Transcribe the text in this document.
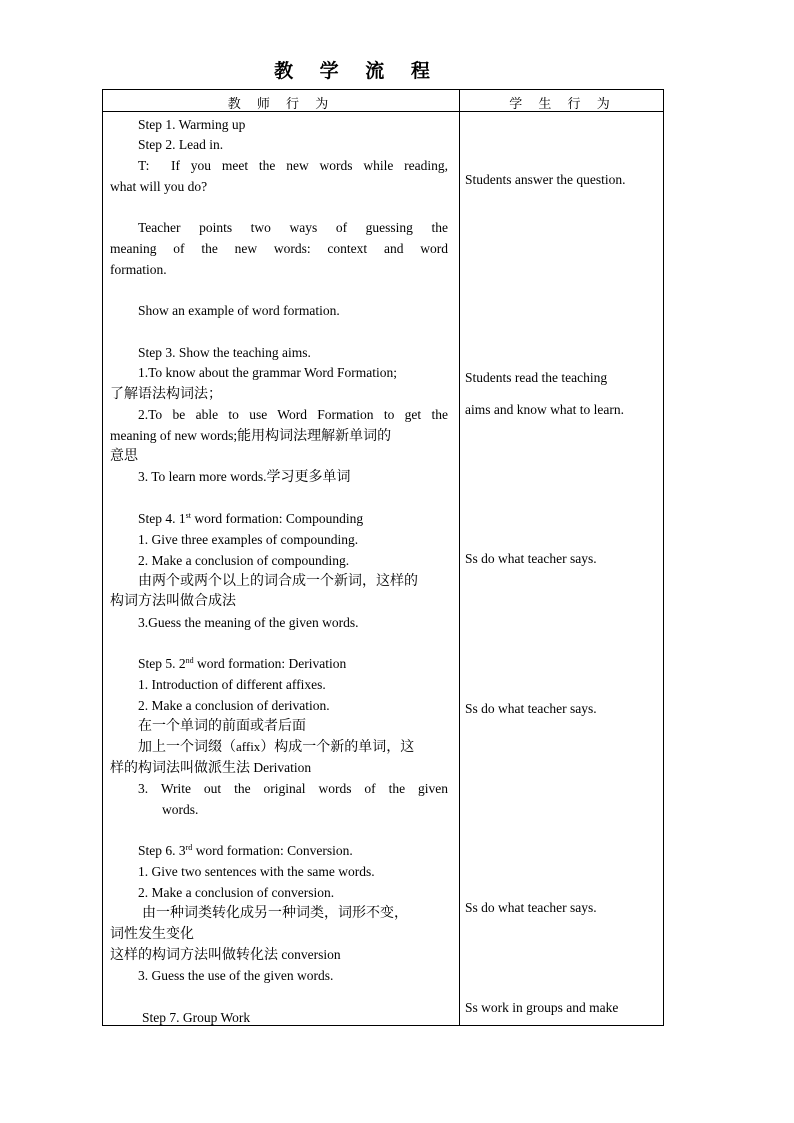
教 学 流 程
教 师 行 为	学 生 行 为
Step 1. Warming up
Step 2. Lead in.
T: If you meet the new words while reading,
what will you do?
Teacher points two ways of guessing the
meaning of the new words: context and word
formation.
Show an example of word formation.
Step 3. Show the teaching aims.
1.To know about the grammar Word Formation;
了解语法构词法；
2.To be able to use Word Formation to get the
meaning of new words;能用构词法理解新单词的
意思
3. To learn more words.学习更多单词
Step 4. 1st word formation: Compounding
1. Give three examples of compounding.
2. Make a conclusion of compounding.
由两个或两个以上的词合成一个新词，这样的
构词方法叫做合成法
3.Guess the meaning of the given words.
Step 5. 2nd word formation: Derivation
1. Introduction of different affixes.
2. Make a conclusion of derivation.
在一个单词的前面或者后面
加上一个词缀（affix）构成一个新的单词，这
样的构词法叫做派生法 Derivation
3. Write out the original words of the given
words.
Step 6. 3rd word formation: Conversion.
1. Give two sentences with the same words.
2. Make a conclusion of conversion.
由一种词类转化成另一种词类，词形不变，
词性发生变化
这样的构词方法叫做转化法 conversion
3. Guess the use of the given words.
Step 7. Group Work
Students answer the question.
Students read the teaching
aims and know what to learn.
Ss do what teacher says.
Ss do what teacher says.
Ss do what teacher says.
Ss work in groups and make
